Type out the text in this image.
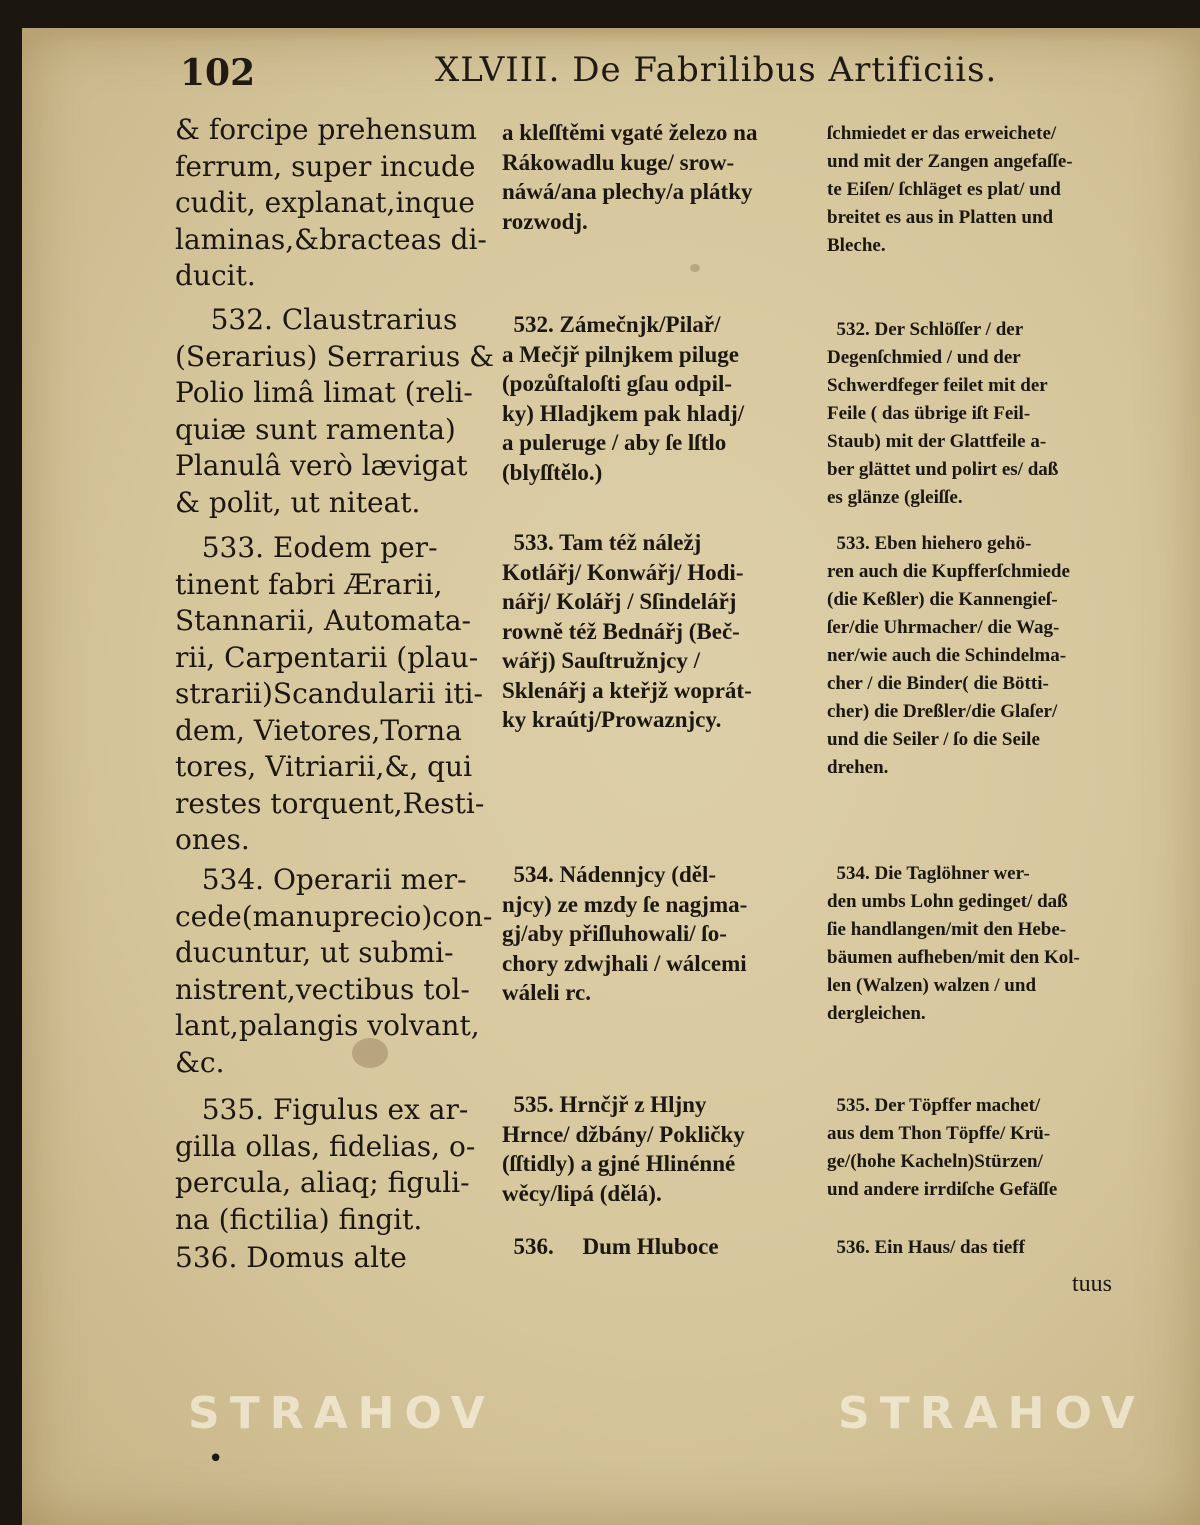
102	XLVIII. De Fabrilibus Artificiis.
& forcipe prehensum
ferrum, super incude
cudit, explanat,inque
laminas,&bracteas di-
ducit.
532. Claustrarius
(Serarius) Serrarius &
Polio limâ limat (reli-
quiæ sunt ramenta)
Planulâ verò lævigat
& polit, ut niteat.
533. Eodem per-
tinent fabri Ærarii,
Stannarii, Automata-
rii, Carpentarii (plau-
strarii)Scandularii iti-
dem, Vietores,Torna
tores, Vitriarii,&, qui
restes torquent,Resti-
ones.
534. Operarii mer-
cede(manuprecio)con-
ducuntur, ut submi-
nistrent,vectibus tol-
lant,palangis volvant,
&c.
535. Figulus ex ar-
gilla ollas, fidelias, o-
percula, aliaq; figuli-
na (fictilia) fingit.
536. Domus alte
a kleſſtěmi vgaté železo na
Rákowadlu kuge/ srow-
náwá/ana plechy/a plátky
rozwodj.
532. Zámečnjk/Pilař/
a Mečjř pilnjkem piluge
(pozůſtaloſti gſau odpil-
ky) Hladjkem pak hladj/
a puleruge / aby ſe lſtlo
(blyſſtělo.)
533. Tam též náležj
Kotlářj/ Konwářj/ Hodi-
nářj/ Kolářj / Sſindelářj
rowně též Bednářj (Beč-
wářj) Sauſtružnjcy /
Sklenářj a kteřjž woprát-
ky kraútj/Prowaznjcy.
534. Nádennjcy (děl-
njcy) ze mzdy ſe nagjma-
gj/aby přiſluhowali/ ſo-
chory zdwjhali / wálcemi
wáleli rc.
535. Hrnčjř z Hljny
Hrnce/ džbány/ Pokličky
(ſſtidly) a gjné Hlinénné
wěcy/lipá (dělá).
536.     Dum Hluboce
ſchmiedet er das erweichete/
und mit der Zangen angefaſſe-
te Eiſen/ ſchläget es plat/ und
breitet es aus in Platten und
Bleche.
532. Der Schlöſſer / der
Degenſchmied / und der
Schwerdfeger feilet mit der
Feile ( das übrige iſt Feil-
Staub) mit der Glattfeile a-
ber glättet und polirt es/ daß
es glänze (gleiſſe.
533. Eben hiehero gehö-
ren auch die Kupfferſchmiede
(die Keßler) die Kannengieſ-
ſer/die Uhrmacher/ die Wag-
ner/wie auch die Schindelma-
cher / die Binder( die Bötti-
cher) die Dreßler/die Glaſer/
und die Seiler / ſo die Seile
drehen.
534. Die Taglöhner wer-
den umbs Lohn gedinget/ daß
ſie handlangen/mit den Hebe-
bäumen aufheben/mit den Kol-
len (Walzen) walzen / und
dergleichen.
535. Der Töpffer machet/
aus dem Thon Töpffe/ Krü-
ge/(hohe Kacheln)Stürzen/
und andere irrdiſche Gefäſſe
536. Ein Haus/ das tieff
tuus
STRAHOV	STRAHOV
•
